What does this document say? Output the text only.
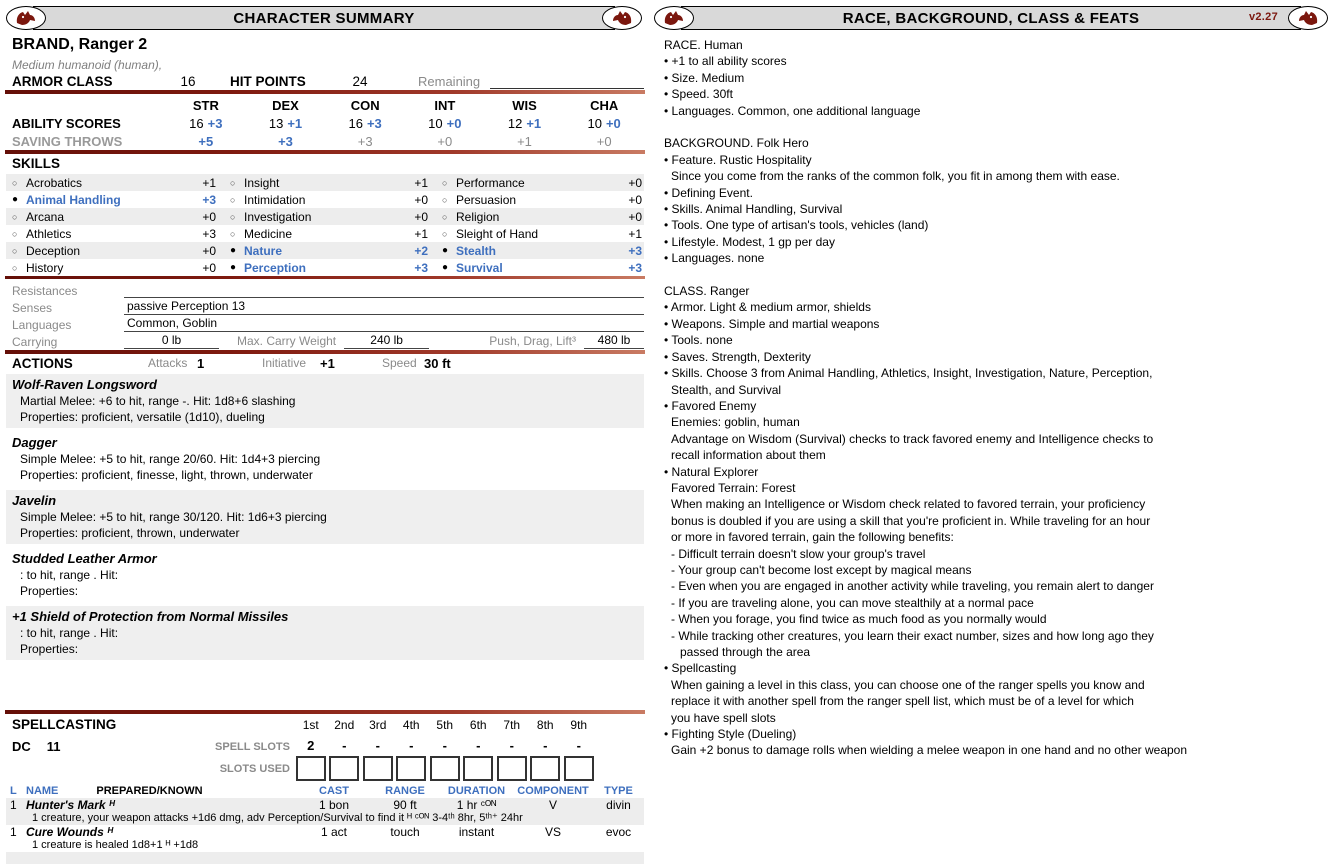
CHARACTER SUMMARY
BRAND, Ranger 2
Medium humanoid (human),
ARMOR CLASS	16	HIT POINTS	24	Remaining
STR	DEX	CON	INT	WIS	CHA
ABILITY SCORES	16 +3	13 +1	16 +3	10 +0	12 +1	10 +0
SAVING THROWS	+5	+3	+3	+0	+1	+0
SKILLS
○ Acrobatics	+1 ○ Insight	+1 ○ Performance	+0
● Animal Handling	+3 ○ Intimidation	+0 ○ Persuasion	+0
○ Arcana	+0 ○ Investigation	+0 ○ Religion	+0
○ Athletics	+3 ○ Medicine	+1 ○ Sleight of Hand	+1
○ Deception	+0 ● Nature	+2 ● Stealth	+3
○ History	+0 ● Perception	+3 ● Survival	+3
Resistances
Senses	passive Perception 13
Languages	Common, Goblin
Carrying	0 lb	Max. Carry Weight	240 lb	Push, Drag, Lift³	480 lb
ACTIONS	Attacks 1	Initiative +1	Speed 30 ft
Wolf-Raven Longsword
Martial Melee: +6 to hit, range -. Hit: 1d8+6 slashing
Properties: proficient, versatile (1d10), dueling
Dagger
Simple Melee: +5 to hit, range 20/60. Hit: 1d4+3 piercing
Properties: proficient, finesse, light, thrown, underwater
Javelin
Simple Melee: +5 to hit, range 30/120. Hit: 1d6+3 piercing
Properties: proficient, thrown, underwater
Studded Leather Armor
: to hit, range . Hit:
Properties:
+1 Shield of Protection from Normal Missiles
: to hit, range . Hit:
Properties:
SPELLCASTING	1st	2nd	3rd	4th	5th	6th	7th	8th	9th
DC 11	SPELL SLOTS	2	-	-	-	-	-	-	-	-
SLOTS USED
L NAME	PREPARED/KNOWN	CAST	RANGE	DURATION	COMPONENT	TYPE
1 Hunter's Mark ᴴ	1 bon	90 ft	1 hr ᶜᴼᴺ	V	divin
1 creature, your weapon attacks +1d6 dmg, adv Perception/Survival to find it ᴴ ᶜᴼᴺ 3-4ᵗʰ 8hr, 5ᵗʰ⁺ 24hr
1 Cure Wounds ᴴ	1 act	touch	instant	VS	evoc
1 creature is healed 1d8+1 ᴴ +1d8
RACE, BACKGROUND, CLASS & FEATS	v2.27
RACE. Human
• +1 to all ability scores
• Size. Medium
• Speed. 30ft
• Languages. Common, one additional language
BACKGROUND. Folk Hero
• Feature. Rustic Hospitality
Since you come from the ranks of the common folk, you fit in among them with ease.
• Defining Event.
• Skills. Animal Handling, Survival
• Tools. One type of artisan's tools, vehicles (land)
• Lifestyle. Modest, 1 gp per day
• Languages. none
CLASS. Ranger
• Armor. Light & medium armor, shields
• Weapons. Simple and martial weapons
• Tools. none
• Saves. Strength, Dexterity
• Skills. Choose 3 from Animal Handling, Athletics, Insight, Investigation, Nature, Perception,
Stealth, and Survival
• Favored Enemy
Enemies: goblin, human
Advantage on Wisdom (Survival) checks to track favored enemy and Intelligence checks to
recall information about them
• Natural Explorer
Favored Terrain: Forest
When making an Intelligence or Wisdom check related to favored terrain, your proficiency
bonus is doubled if you are using a skill that you're proficient in. While traveling for an hour
or more in favored terrain, gain the following benefits:
- Difficult terrain doesn't slow your group's travel
- Your group can't become lost except by magical means
- Even when you are engaged in another activity while traveling, you remain alert to danger
- If you are traveling alone, you can move stealthily at a normal pace
- When you forage, you find twice as much food as you normally would
- While tracking other creatures, you learn their exact number, sizes and how long ago they
passed through the area
• Spellcasting
When gaining a level in this class, you can choose one of the ranger spells you know and
replace it with another spell from the ranger spell list, which must be of a level for which
you have spell slots
• Fighting Style (Dueling)
Gain +2 bonus to damage rolls when wielding a melee weapon in one hand and no other weapon
